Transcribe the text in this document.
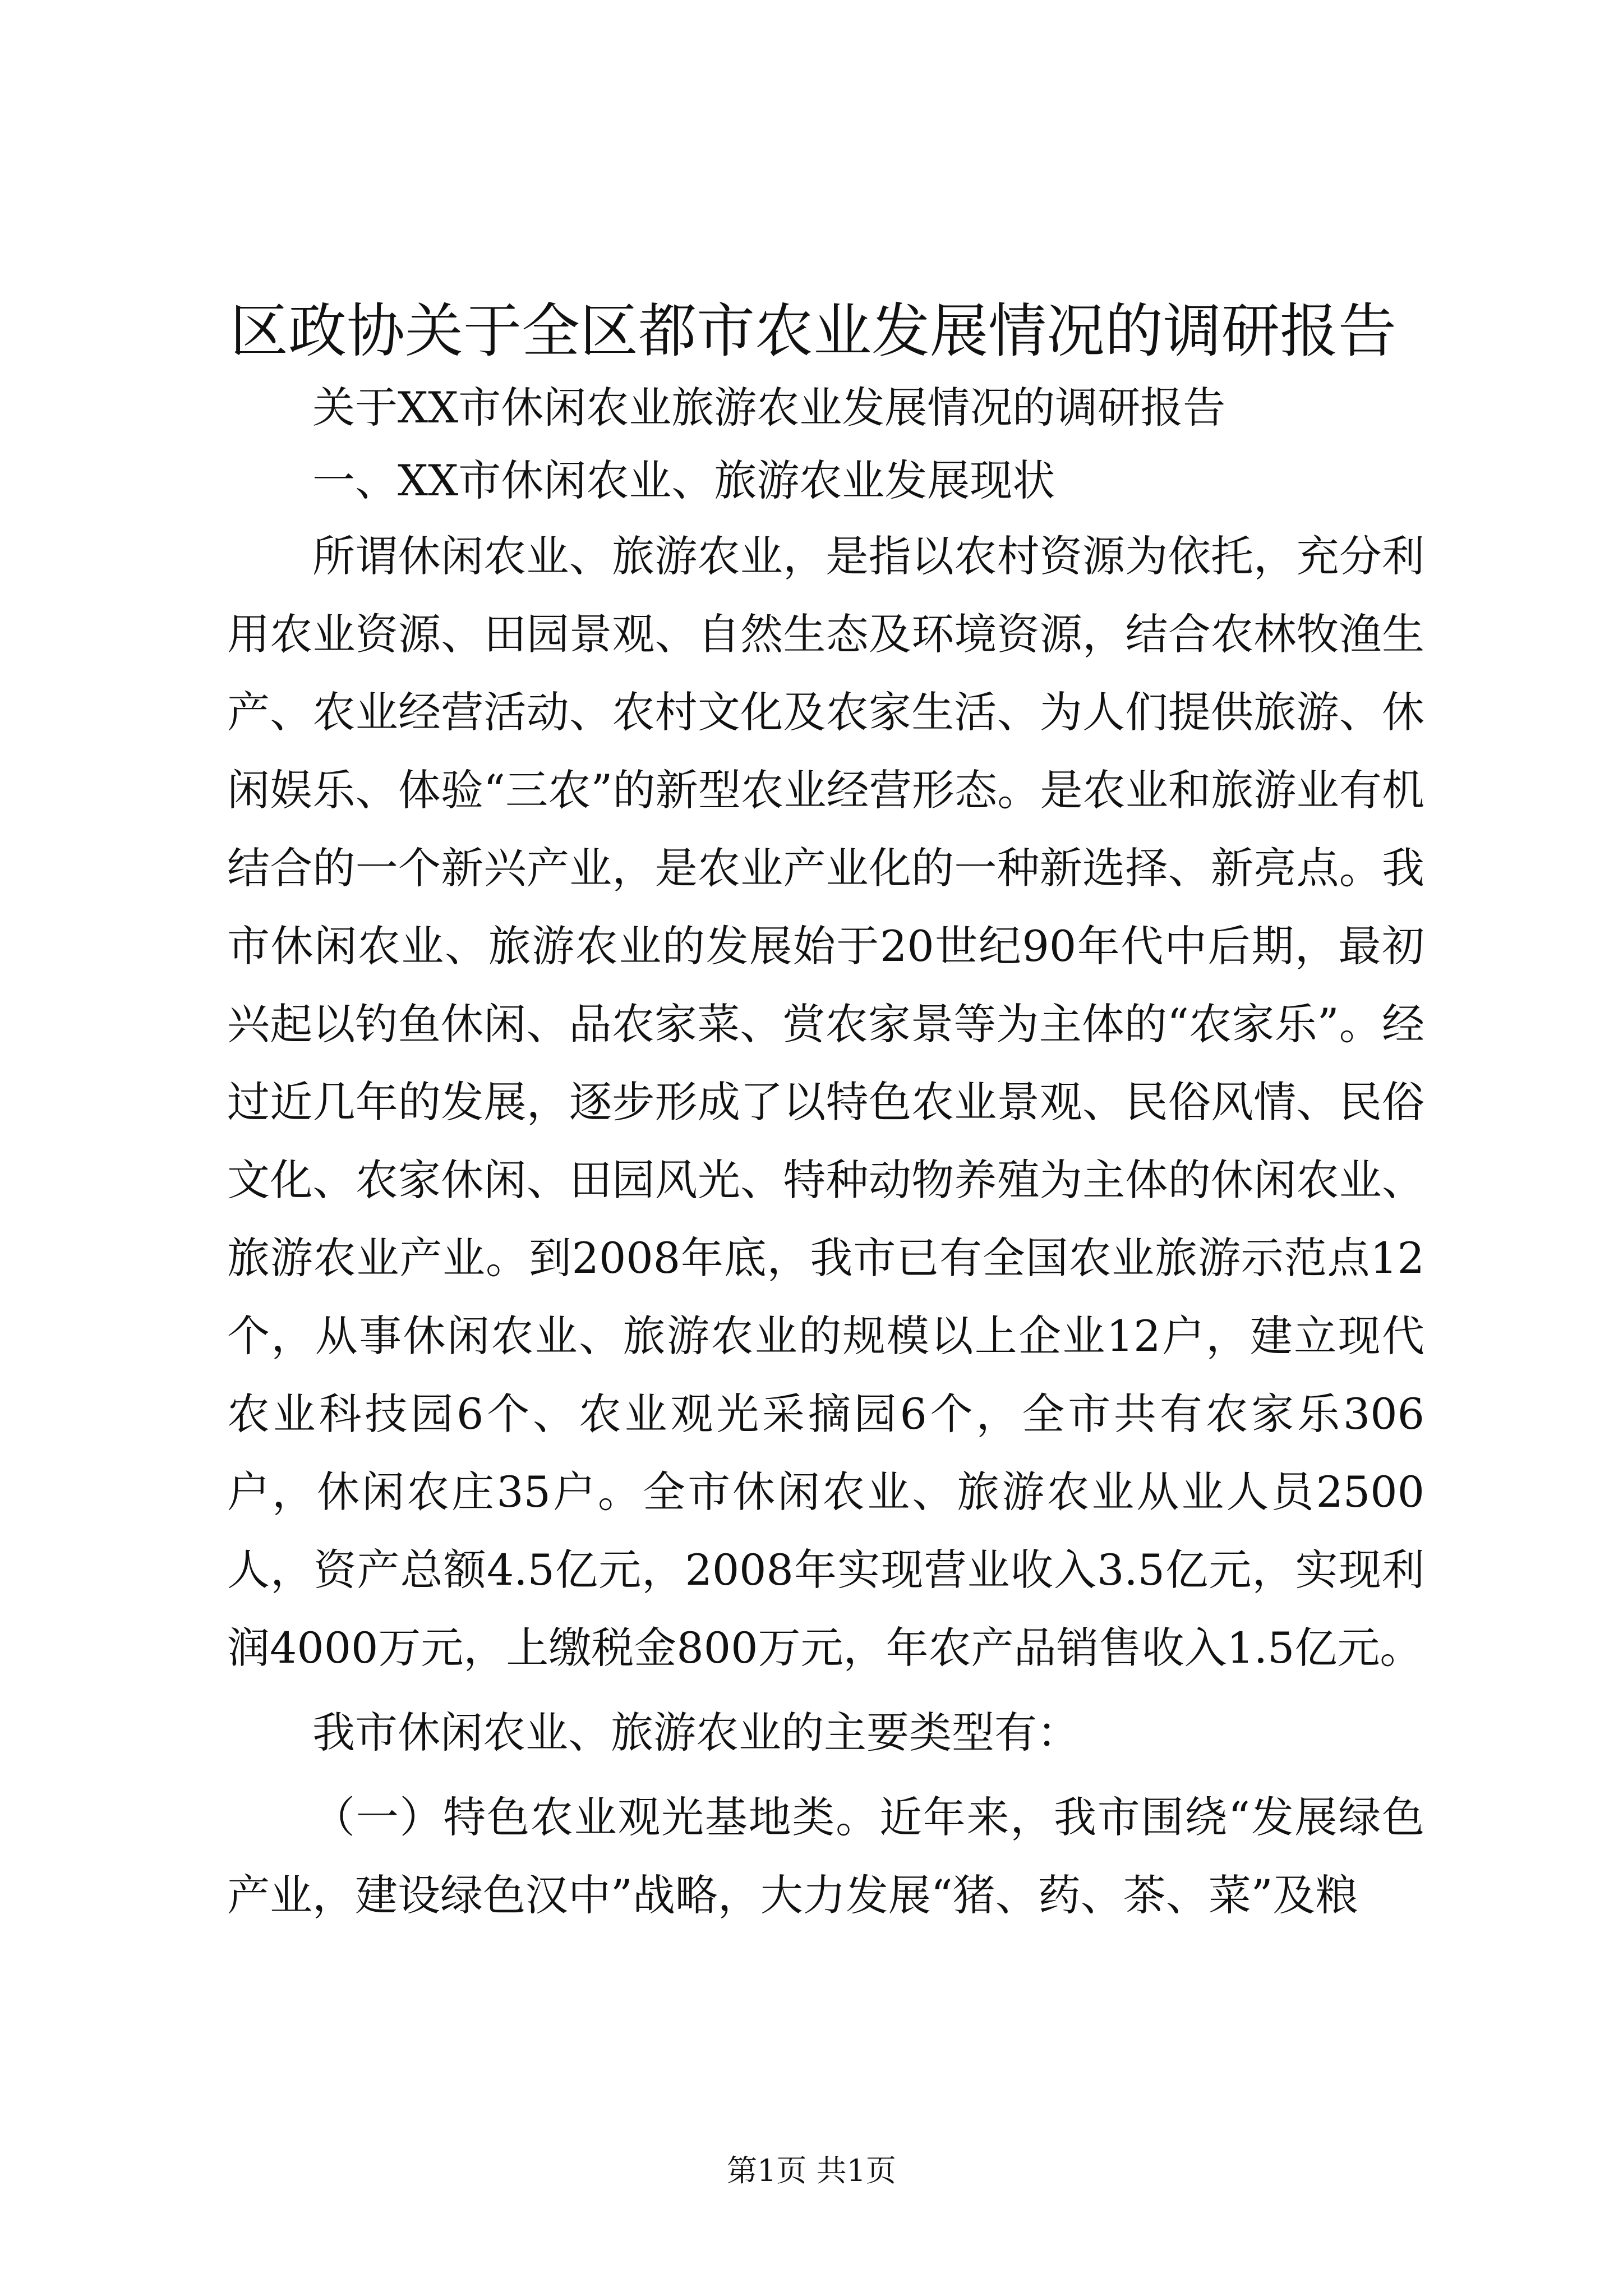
区政协关于全区都市农业发展情况的调研报告

关于XX市休闲农业旅游农业发展情况的调研报告

一、XX市休闲农业、旅游农业发展现状

所谓休闲农业、旅游农业，是指以农村资源为依托，充分利用农业资源、田园景观、自然生态及环境资源，结合农林牧渔生产、农业经营活动、农村文化及农家生活、为人们提供旅游、休闲娱乐、体验“三农”的新型农业经营形态。是农业和旅游业有机结合的一个新兴产业，是农业产业化的一种新选择、新亮点。我市休闲农业、旅游农业的发展始于20世纪90年代中后期，最初兴起以钓鱼休闲、品农家菜、赏农家景等为主体的“农家乐”。经过近几年的发展，逐步形成了以特色农业景观、民俗风情、民俗文化、农家休闲、田园风光、特种动物养殖为主体的休闲农业、旅游农业产业。到2008年底，我市已有全国农业旅游示范点12个，从事休闲农业、旅游农业的规模以上企业12户，建立现代农业科技园6个、农业观光采摘园6个，全市共有农家乐306户，休闲农庄35户。全市休闲农业、旅游农业从业人员2500人，资产总额4.5亿元，2008年实现营业收入3.5亿元，实现利润4000万元，上缴税金800万元，年农产品销售收入1.5亿元。

我市休闲农业、旅游农业的主要类型有：

（一）特色农业观光基地类。近年来，我市围绕“发展绿色产业，建设绿色汉中”战略，大力发展“猪、药、茶、菜”及粮

第1页 共1页
